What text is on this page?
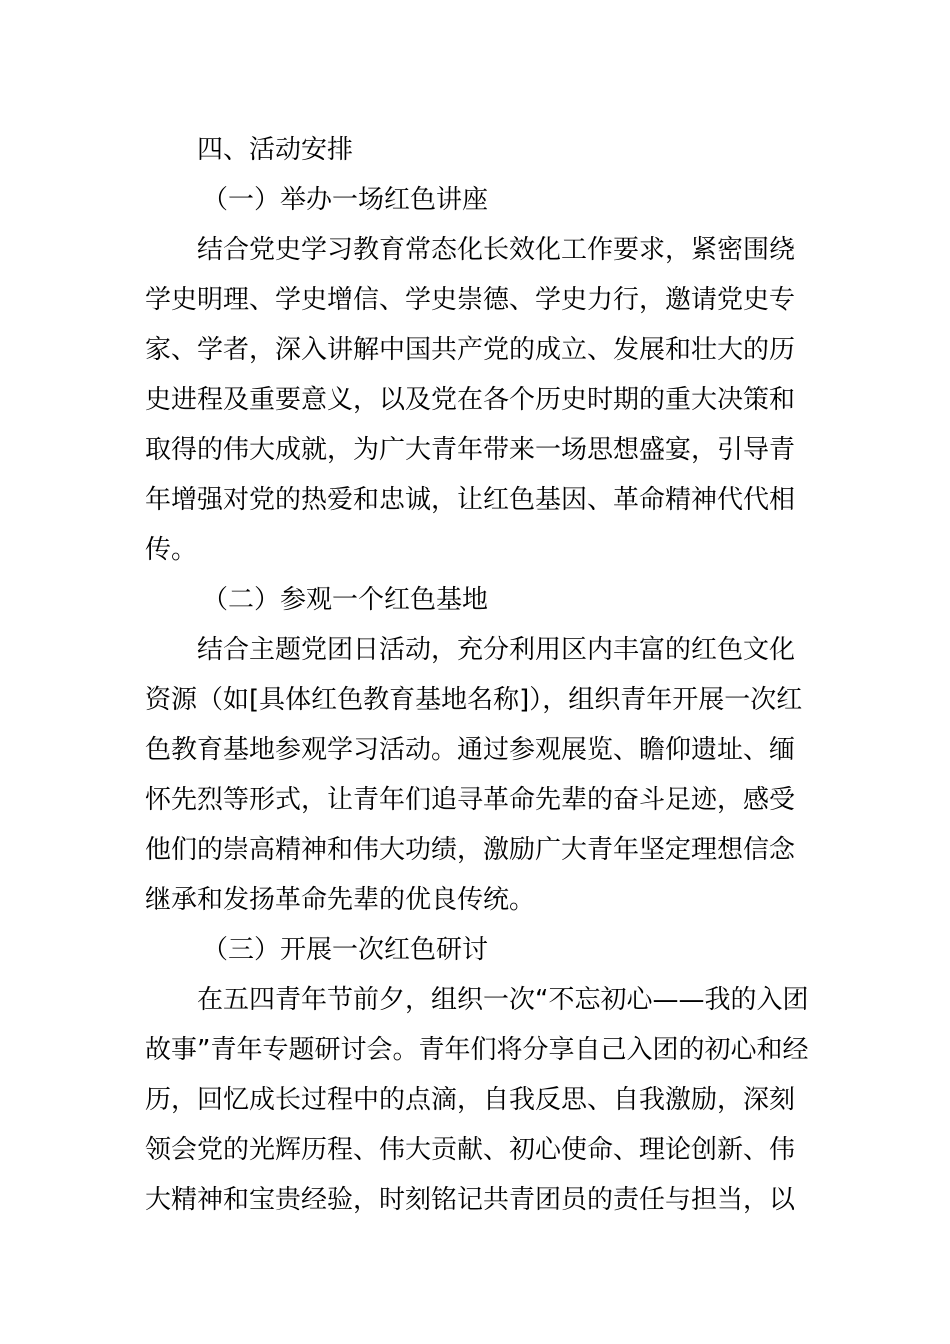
四、活动安排
（一）举办一场红色讲座
结合党史学习教育常态化长效化工作要求，紧密围绕
学史明理、学史增信、学史崇德、学史力行，邀请党史专
家、学者，深入讲解中国共产党的成立、发展和壮大的历
史进程及重要意义，以及党在各个历史时期的重大决策和
取得的伟大成就，为广大青年带来一场思想盛宴，引导青
年增强对党的热爱和忠诚，让红色基因、革命精神代代相
传。
（二）参观一个红色基地
结合主题党团日活动，充分利用区内丰富的红色文化
资源（如[具体红色教育基地名称]），组织青年开展一次红
色教育基地参观学习活动。通过参观展览、瞻仰遗址、缅
怀先烈等形式，让青年们追寻革命先辈的奋斗足迹，感受
他们的崇高精神和伟大功绩，激励广大青年坚定理想信念
继承和发扬革命先辈的优良传统。
（三）开展一次红色研讨
在五四青年节前夕，组织一次“不忘初心——我的入团
故事”青年专题研讨会。青年们将分享自己入团的初心和经
历，回忆成长过程中的点滴，自我反思、自我激励，深刻
领会党的光辉历程、伟大贡献、初心使命、理论创新、伟
大精神和宝贵经验，时刻铭记共青团员的责任与担当，以
